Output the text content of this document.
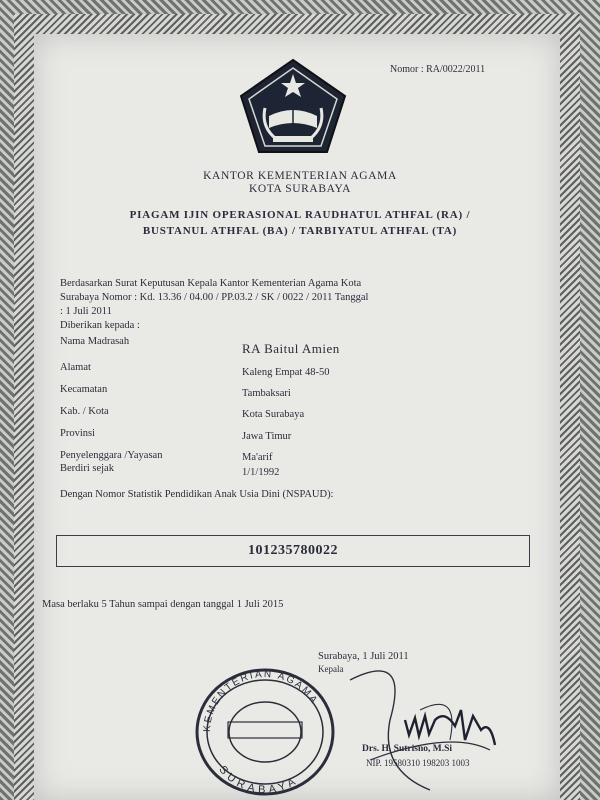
Nomor : RA/0022/2011
KANTOR KEMENTERIAN AGAMA
KOTA SURABAYA
PIAGAM IJIN OPERASIONAL RAUDHATUL ATHFAL (RA) /
BUSTANUL ATHFAL (BA) / TARBIYATUL ATHFAL (TA)
Berdasarkan Surat Keputusan Kepala Kantor Kementerian Agama Kota
Surabaya Nomor : Kd. 13.36 / 04.00 / PP.03.2 / SK / 0022 / 2011 Tanggal
: 1 Juli 2011
Diberikan kepada :
Nama Madrasah	RA Baitul Amien
Alamat	Kaleng Empat 48-50
Kecamatan	Tambaksari
Kab. / Kota	Kota Surabaya
Provinsi	Jawa Timur
Penyelenggara /Yayasan	Ma'arif
Berdiri sejak	1/1/1992
Dengan Nomor Statistik Pendidikan Anak Usia Dini (NSPAUD):
101235780022
Masa berlaku 5 Tahun sampai dengan tanggal 1 Juli 2015
Surabaya, 1 Juli 2011
Kepala
KEMENTERIAN AGAMA
SURABAYA
Drs. H. Sutrisno, M.Si
NIP. 19580310 198203 1003
